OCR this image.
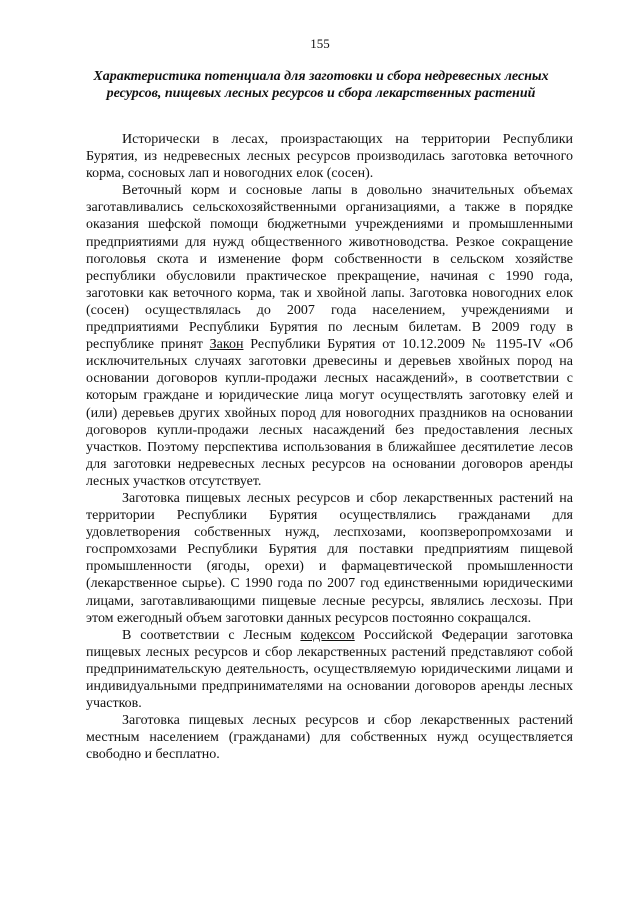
155
Характеристика потенциала для заготовки и сбора недревесных лесных ресурсов, пищевых лесных ресурсов и сбора лекарственных растений

Исторически в лесах, произрастающих на территории Республики Бурятия, из недревесных лесных ресурсов производилась заготовка веточного корма, сосновых лап и новогодних елок (сосен).

Веточный корм и сосновые лапы в довольно значительных объемах заготавливались сельскохозяйственными организациями, а также в порядке оказания шефской помощи бюджетными учреждениями и промышленными предприятиями для нужд общественного животноводства. Резкое сокращение поголовья скота и изменение форм собственности в сельском хозяйстве республики обусловили практическое прекращение, начиная с 1990 года, заготовки как веточного корма, так и хвойной лапы. Заготовка новогодних елок (сосен) осуществлялась до 2007 года населением, учреждениями и предприятиями Республики Бурятия по лесным билетам. В 2009 году в республике принят Закон Республики Бурятия от 10.12.2009 № 1195-IV «Об исключительных случаях заготовки древесины и деревьев хвойных пород на основании договоров купли-продажи лесных насаждений», в соответствии с которым граждане и юридические лица могут осуществлять заготовку елей и (или) деревьев других хвойных пород для новогодних праздников на основании договоров купли-продажи лесных насаждений без предоставления лесных участков. Поэтому перспектива использования в ближайшее десятилетие лесов для заготовки недревесных лесных ресурсов на основании договоров аренды лесных участков отсутствует.

Заготовка пищевых лесных ресурсов и сбор лекарственных растений на территории Республики Бурятия осуществлялись гражданами для удовлетворения собственных нужд, леспхозами, коопзверопромхозами и госпромхозами Республики Бурятия для поставки предприятиям пищевой промышленности (ягоды, орехи) и фармацевтической промышленности (лекарственное сырье). С 1990 года по 2007 год единственными юридическими лицами, заготавливающими пищевые лесные ресурсы, являлись лесхозы. При этом ежегодный объем заготовки данных ресурсов постоянно сокращался.

В соответствии с Лесным кодексом Российской Федерации заготовка пищевых лесных ресурсов и сбор лекарственных растений представляют собой предпринимательскую деятельность, осуществляемую юридическими лицами и индивидуальными предпринимателями на основании договоров аренды лесных участков.

Заготовка пищевых лесных ресурсов и сбор лекарственных растений местным населением (гражданами) для собственных нужд осуществляется свободно и бесплатно.
